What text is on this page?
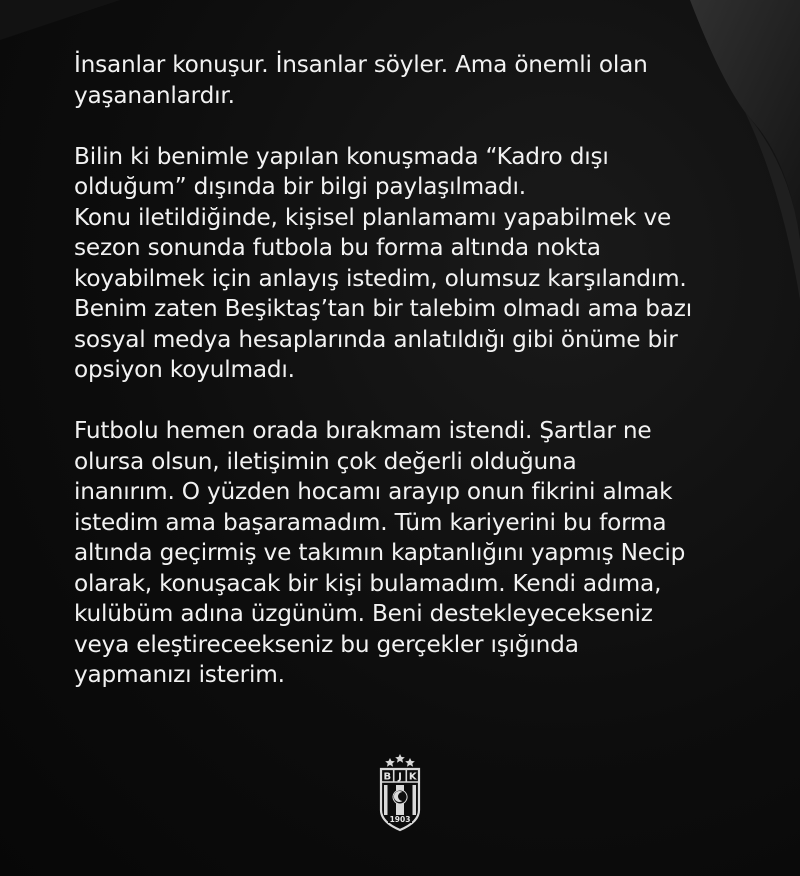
İnsanlar konuşur. İnsanlar söyler. Ama önemli olan
yaşananlardır.

Bilin ki benimle yapılan konuşmada “Kadro dışı
olduğum” dışında bir bilgi paylaşılmadı.
Konu iletildiğinde, kişisel planlamamı yapabilmek ve
sezon sonunda futbola bu forma altında nokta
koyabilmek için anlayış istedim, olumsuz karşılandım.
Benim zaten Beşiktaş’tan bir talebim olmadı ama bazı
sosyal medya hesaplarında anlatıldığı gibi önüme bir
opsiyon koyulmadı.

Futbolu hemen orada bırakmam istendi. Şartlar ne
olursa olsun, iletişimin çok değerli olduğuna
inanırım. O yüzden hocamı arayıp onun fikrini almak
istedim ama başaramadım. Tüm kariyerini bu forma
altında geçirmiş ve takımın kaptanlığını yapmış Necip
olarak, konuşacak bir kişi bulamadım. Kendi adıma,
kulübüm adına üzgünüm. Beni destekleyecekseniz
veya eleştireceekseniz bu gerçekler ışığında
yapmanızı isterim.

B J K
1903
